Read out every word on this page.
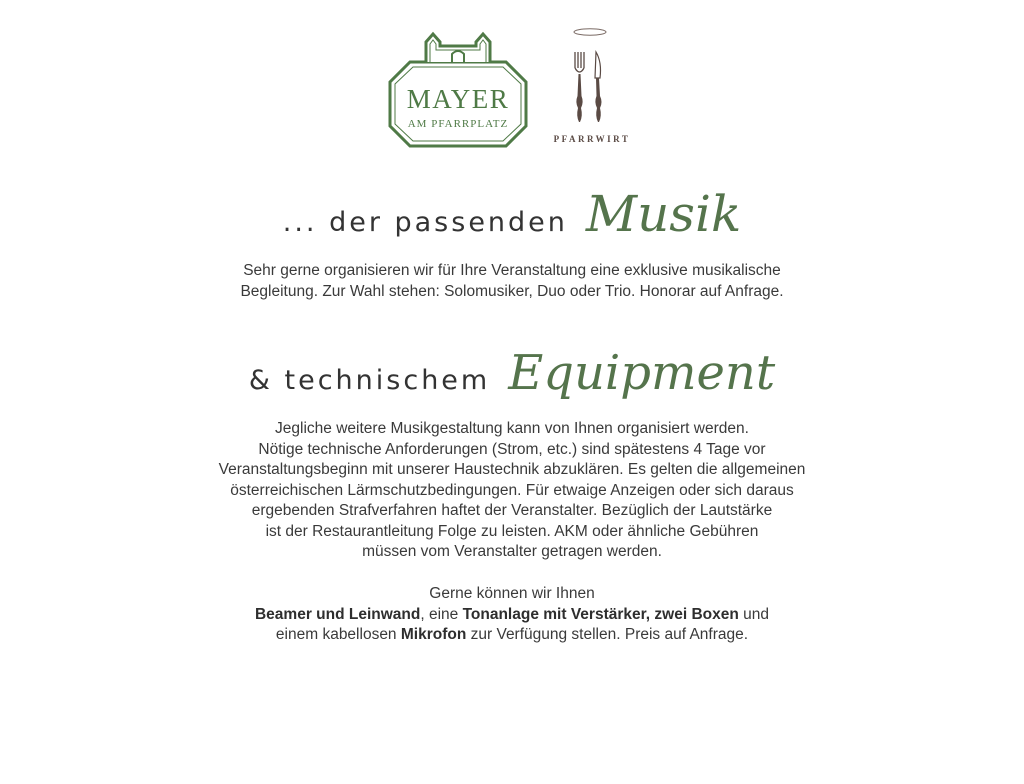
MAYER
AM PFARRPLATZ
PFARRWIRT
... der passenden Musik
Sehr gerne organisieren wir für Ihre Veranstaltung eine exklusive musikalische
Begleitung. Zur Wahl stehen: Solomusiker, Duo oder Trio. Honorar auf Anfrage.
& technischem Equipment
Jegliche weitere Musikgestaltung kann von Ihnen organisiert werden.
Nötige technische Anforderungen (Strom, etc.) sind spätestens 4 Tage vor
Veranstaltungsbeginn mit unserer Haustechnik abzuklären. Es gelten die allgemeinen
österreichischen Lärmschutzbedingungen. Für etwaige Anzeigen oder sich daraus
ergebenden Strafverfahren haftet der Veranstalter. Bezüglich der Lautstärke
ist der Restaurantleitung Folge zu leisten. AKM oder ähnliche Gebühren
müssen vom Veranstalter getragen werden.
Gerne können wir Ihnen
Beamer und Leinwand, eine Tonanlage mit Verstärker, zwei Boxen und
einem kabellosen Mikrofon zur Verfügung stellen. Preis auf Anfrage.
